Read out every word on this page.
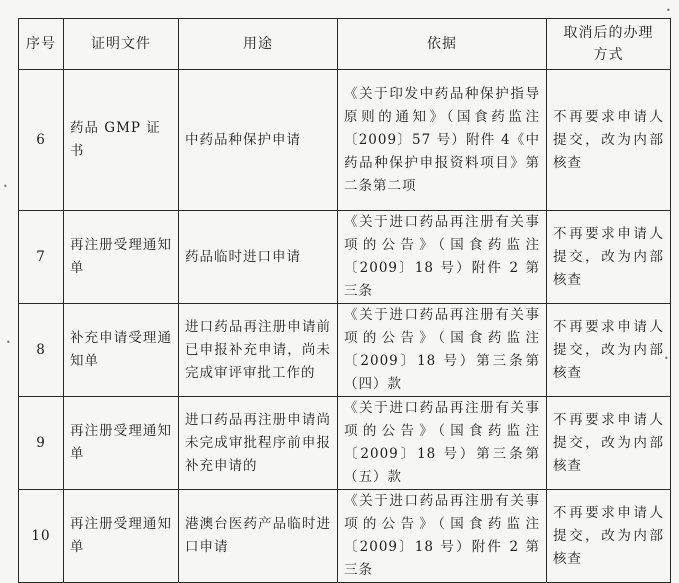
序号	证明文件	用途	依据	取消后的办理方式
6	药品 GMP 证书	中药品种保护申请	《关于印发中药品种保护指导原则的通知》（国食药监注〔2009〕57 号）附件 4《中药品种保护申报资料项目》第二条第二项	不再要求申请人提交，改为内部核查
7	再注册受理通知单	药品临时进口申请	《关于进口药品再注册有关事项的公告》（国食药监注〔2009〕18 号）附件 2 第三条	不再要求申请人提交，改为内部核查
8	补充申请受理通知单	进口药品再注册申请前已申报补充申请，尚未完成审评审批工作的	《关于进口药品再注册有关事项的公告》（国食药监注〔2009〕18 号）第三条第（四）款	不再要求申请人提交，改为内部核查
9	再注册受理通知单	进口药品再注册申请尚未完成审批程序前申报补充申请的	《关于进口药品再注册有关事项的公告》（国食药监注〔2009〕18 号）第三条第（五）款	不再要求申请人提交，改为内部核查
10	再注册受理通知单	港澳台医药产品临时进口申请	《关于进口药品再注册有关事项的公告》（国食药监注〔2009〕18 号）附件 2 第三条	不再要求申请人提交，改为内部核查
•
•
•
•
